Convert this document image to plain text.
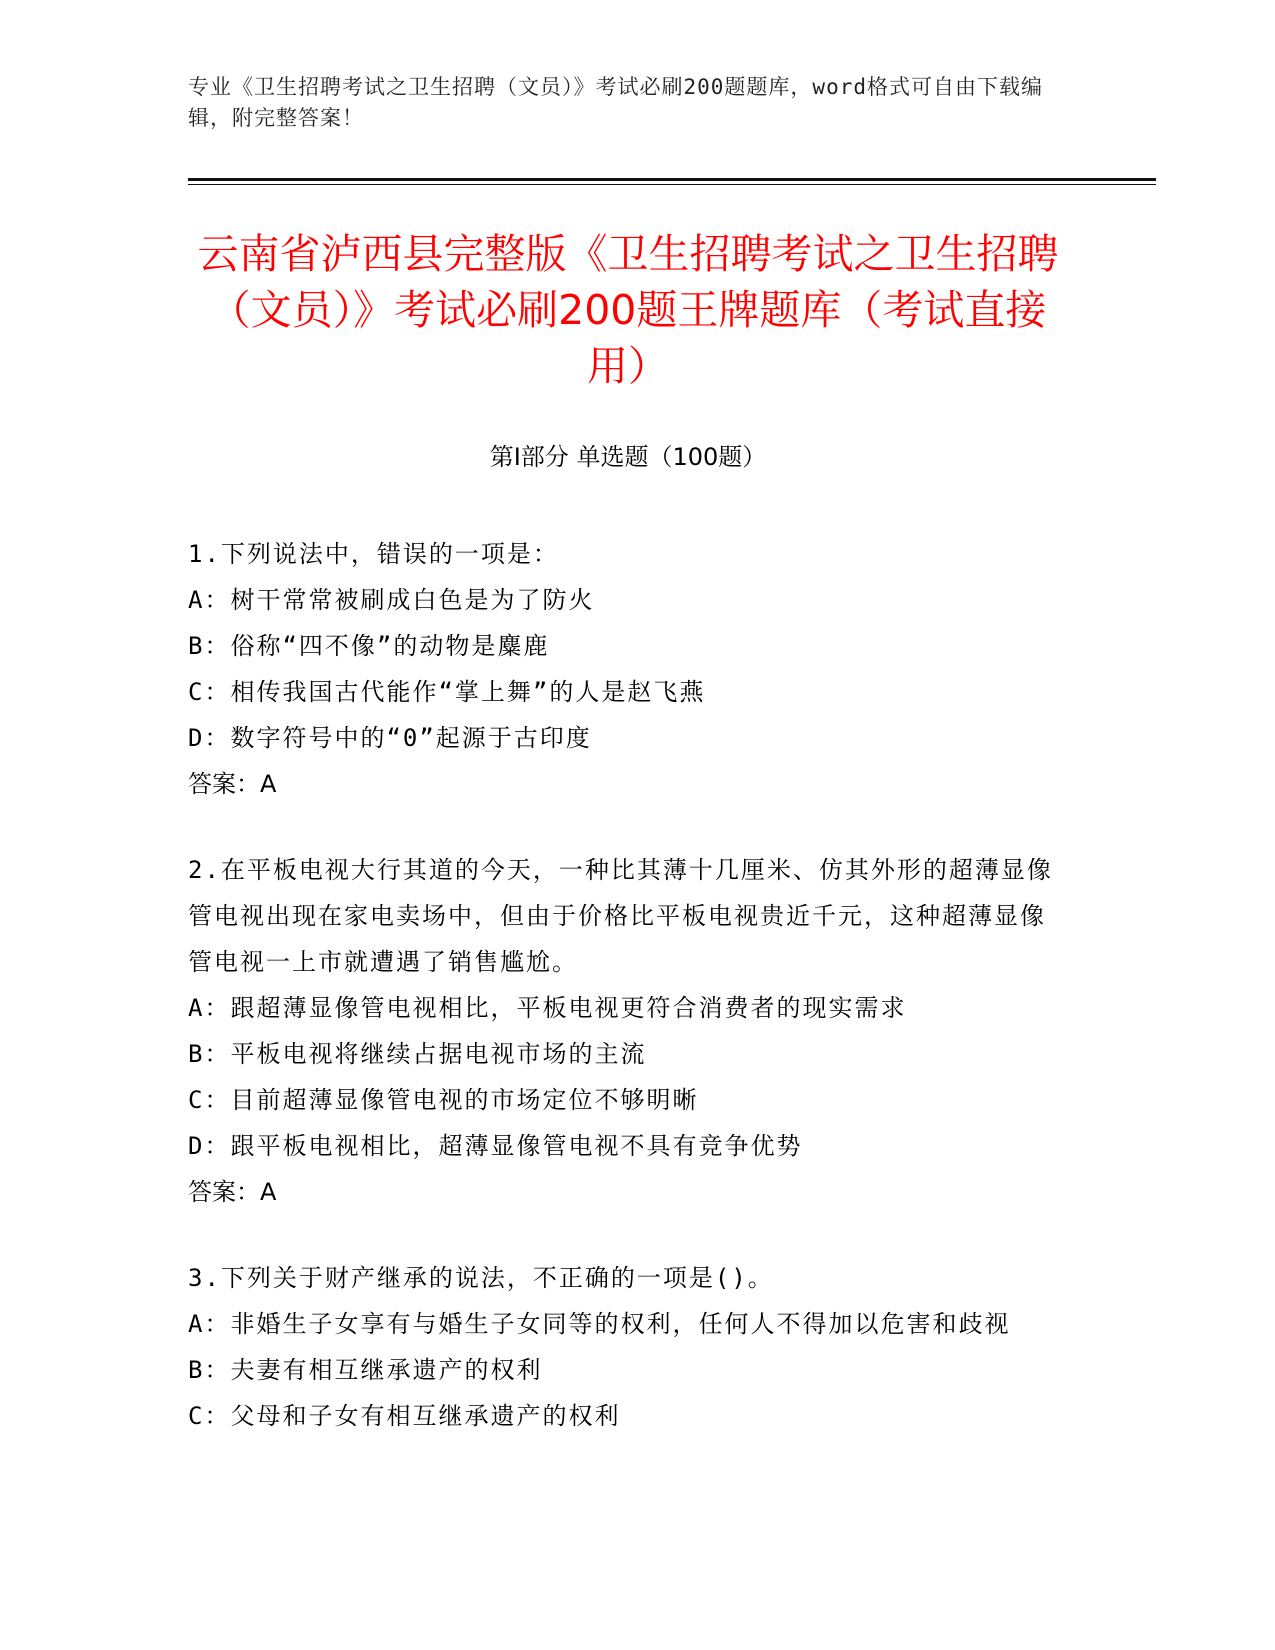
专业《卫生招聘考试之卫生招聘（文员）》考试必刷200题题库，word格式可自由下载编辑，附完整答案！
云南省泸西县完整版《卫生招聘考试之卫生招聘（文员）》考试必刷200题王牌题库（考试直接用）
第I部分 单选题（100题）
1.下列说法中，错误的一项是：
A：树干常常被刷成白色是为了防火
B：俗称“四不像”的动物是麋鹿
C：相传我国古代能作“掌上舞”的人是赵飞燕
D：数字符号中的“0”起源于古印度
答案：A
2.在平板电视大行其道的今天，一种比其薄十几厘米、仿其外形的超薄显像管电视出现在家电卖场中，但由于价格比平板电视贵近千元，这种超薄显像管电视一上市就遭遇了销售尴尬。
A：跟超薄显像管电视相比，平板电视更符合消费者的现实需求
B：平板电视将继续占据电视市场的主流
C：目前超薄显像管电视的市场定位不够明晰
D：跟平板电视相比，超薄显像管电视不具有竞争优势
答案：A
3.下列关于财产继承的说法，不正确的一项是()。
A：非婚生子女享有与婚生子女同等的权利，任何人不得加以危害和歧视
B：夫妻有相互继承遗产的权利
C：父母和子女有相互继承遗产的权利
